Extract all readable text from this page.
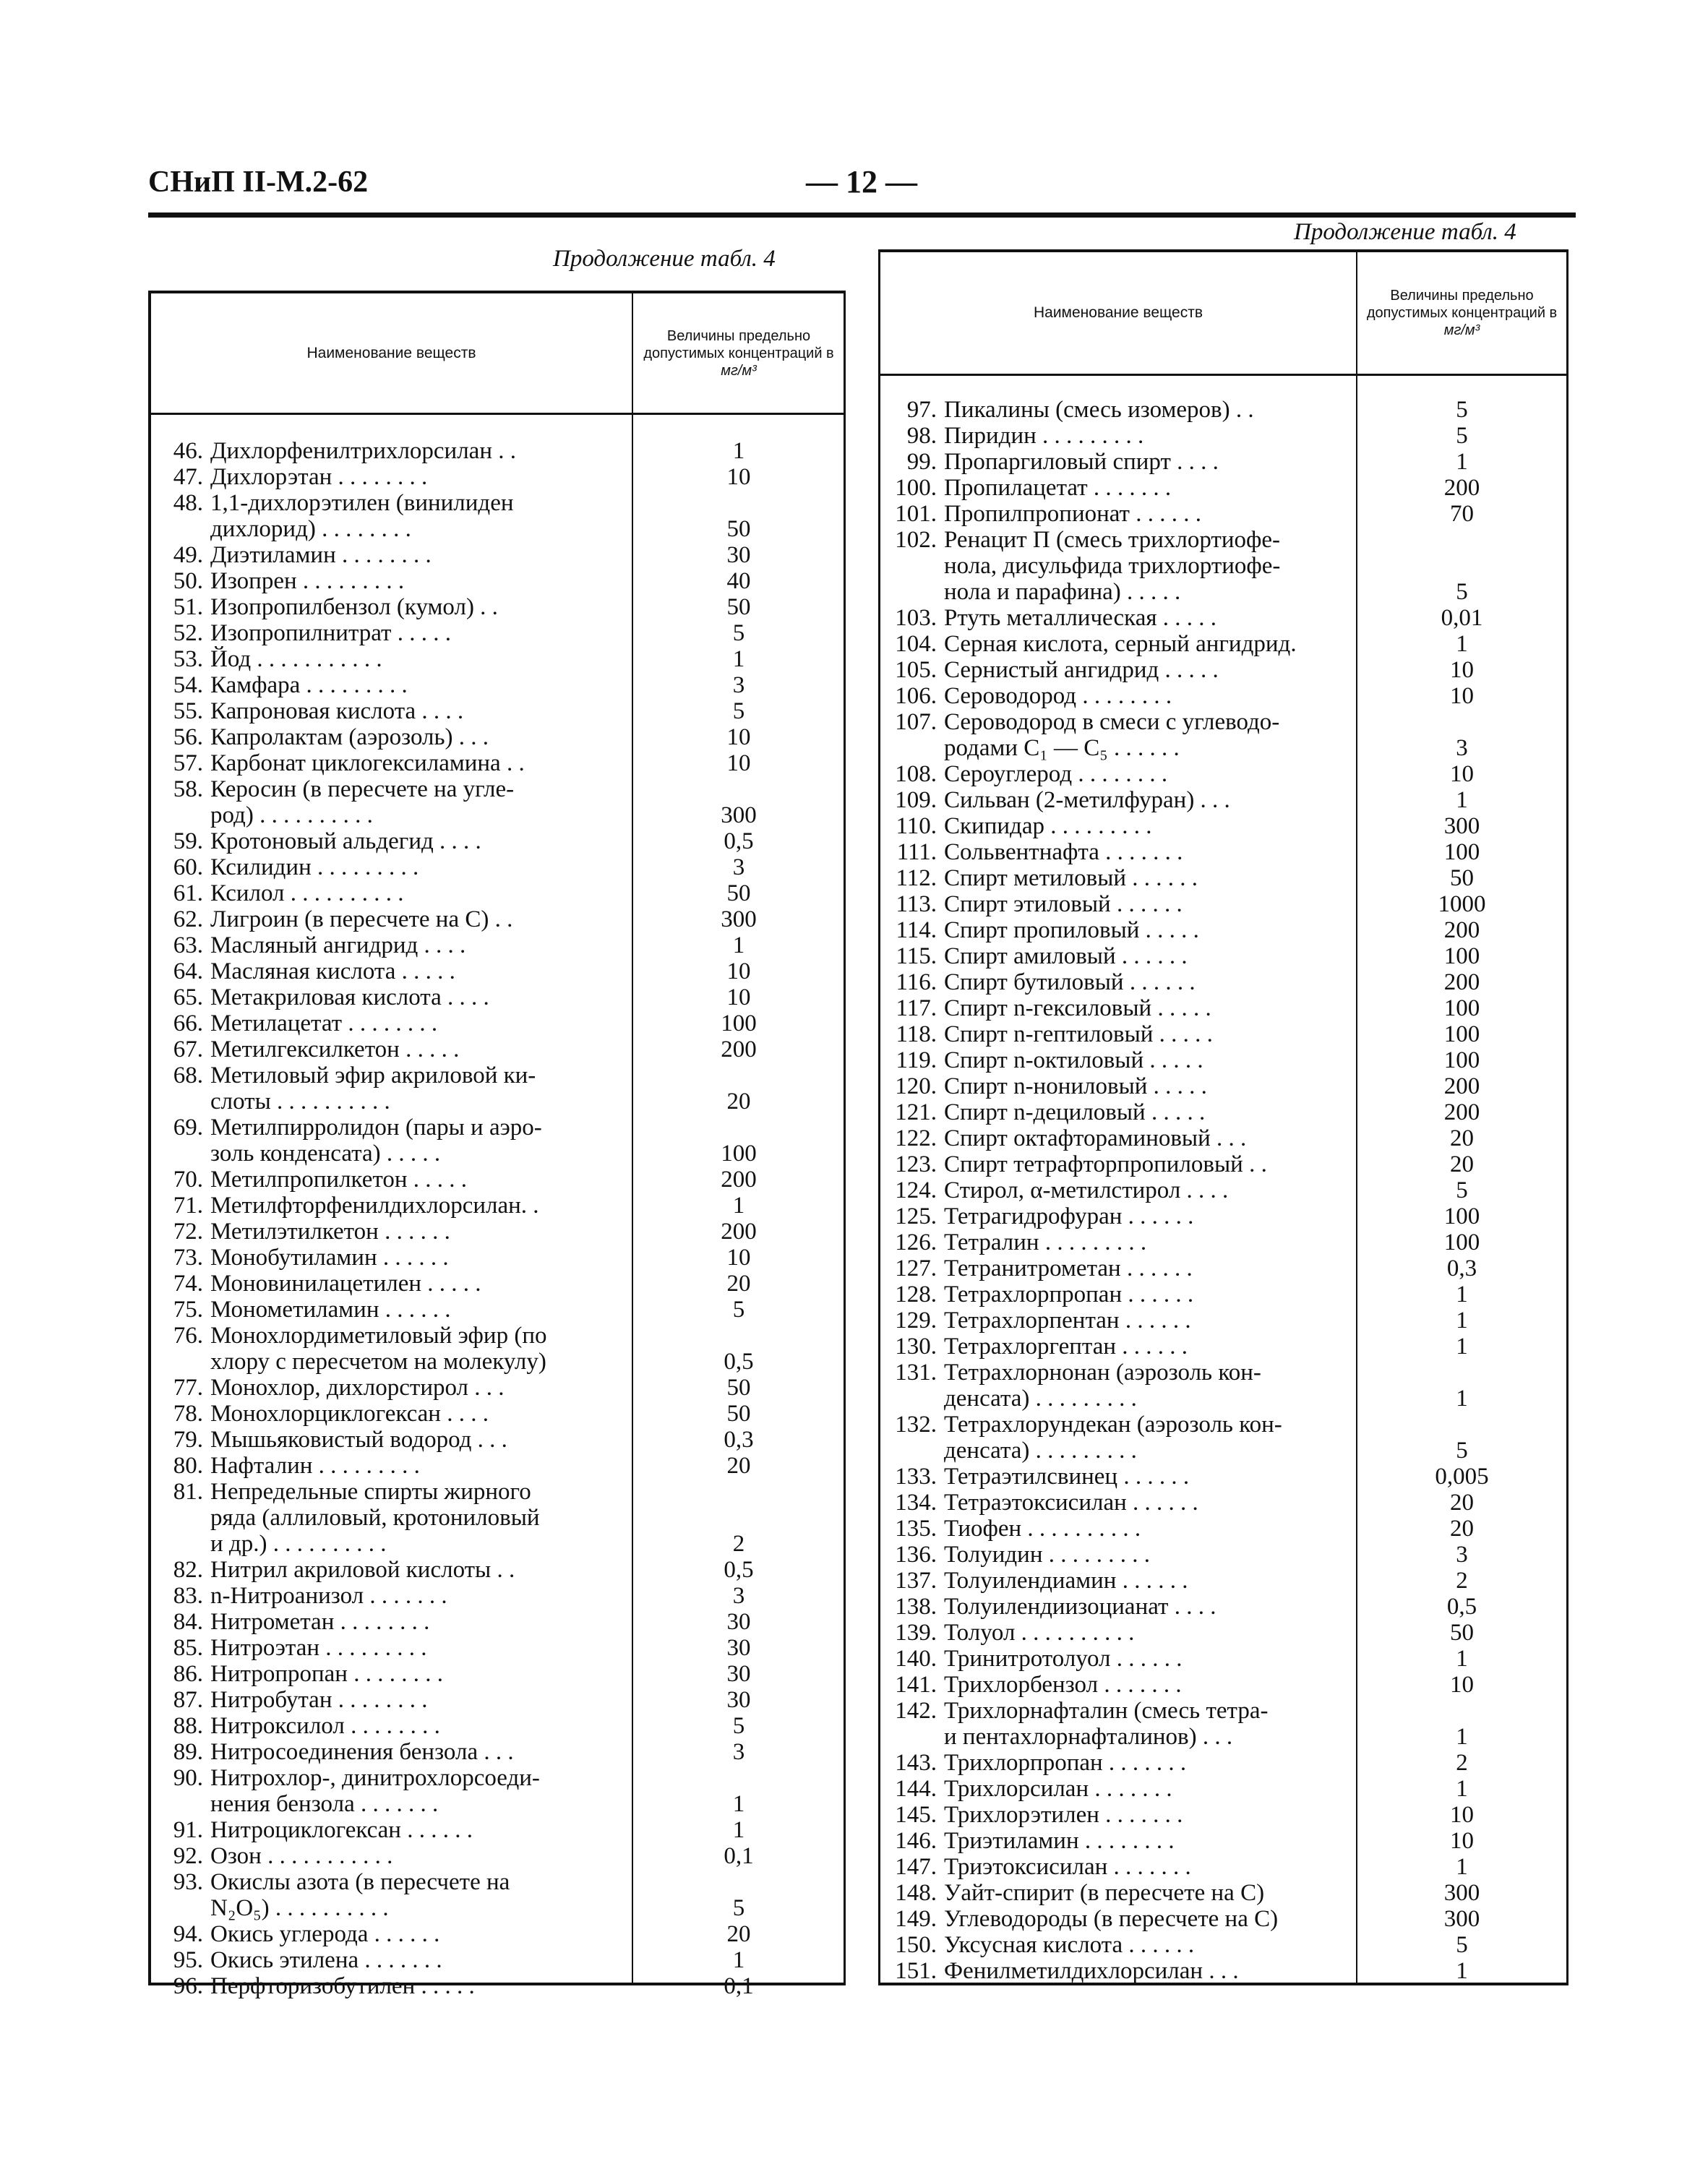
СНиП II-М.2-62	— 12 —
Продолжение табл. 4
Продолжение табл. 4
Наименование веществ
Величины предельно допустимых концентраций в
мг/м³
46. Дихлорфенилтрихлорсилан . .	1
47. Дихлорэтан . . . . . . . .	10
48. 1,1-дихлорэтилен (винилиден
дихлорид) . . . . . . . .	50
49. Диэтиламин . . . . . . . .	30
50. Изопрен . . . . . . . . .	40
51. Изопропилбензол (кумол) . .	50
52. Изопропилнитрат . . . . .	5
53. Йод . . . . . . . . . . .	1
54. Камфара . . . . . . . . .	3
55. Капроновая кислота . . . .	5
56. Капролактам (аэрозоль) . . .	10
57. Карбонат циклогексиламина . .	10
58. Керосин (в пересчете на угле-
род) . . . . . . . . . .	300
59. Кротоновый альдегид . . . .	0,5
60. Ксилидин . . . . . . . . .	3
61. Ксилол . . . . . . . . . .	50
62. Лигроин (в пересчете на С) . .	300
63. Масляный ангидрид . . . .	1
64. Масляная кислота . . . . .	10
65. Метакриловая кислота . . . .	10
66. Метилацетат . . . . . . . .	100
67. Метилгексилкетон . . . . .	200
68. Метиловый эфир акриловой ки-
слоты . . . . . . . . . .	20
69. Метилпирролидон (пары и аэро-
золь конденсата) . . . . .	100
70. Метилпропилкетон . . . . .	200
71. Метилфторфенилдихлорсилан. .	1
72. Метилэтилкетон . . . . . .	200
73. Монобутиламин . . . . . .	10
74. Моновинилацетилен . . . . .	20
75. Монометиламин . . . . . .	5
76. Монохлордиметиловый эфир (по
хлору с пересчетом на молекулу)	0,5
77. Монохлор, дихлорстирол . . .	50
78. Монохлорциклогексан . . . .	50
79. Мышьяковистый водород . . .	0,3
80. Нафталин . . . . . . . . .	20
81. Непредельные спирты жирного
ряда (аллиловый, кротониловый
и др.) . . . . . . . . . .	2
82. Нитрил акриловой кислоты . .	0,5
83. n-Нитроанизол . . . . . . .	3
84. Нитрометан . . . . . . . .	30
85. Нитроэтан . . . . . . . . .	30
86. Нитропропан . . . . . . . .	30
87. Нитробутан . . . . . . . .	30
88. Нитроксилол . . . . . . . .	5
89. Нитросоединения бензола . . .	3
90. Нитрохлор-, динитрохлорсоеди-
нения бензола . . . . . . .	1
91. Нитроциклогексан . . . . . .	1
92. Озон . . . . . . . . . . .	0,1
93. Окислы азота (в пересчете на
N₂O₅) . . . . . . . . . .	5
94. Окись углерода . . . . . .	20
95. Окись этилена . . . . . . .	1
96. Перфторизобутилен . . . . .	0,1
Наименование веществ
Величины предельно допустимых концентраций в
мг/м³
97. Пикалины (смесь изомеров) . .	5
98. Пиридин . . . . . . . . .	5
99. Пропаргиловый спирт . . . .	1
100. Пропилацетат . . . . . . .	200
101. Пропилпропионат . . . . . .	70
102. Ренацит П (смесь трихлортиофе-
нола, дисульфида трихлортиофе-
нола и парафина) . . . . .	5
103. Ртуть металлическая . . . . .	0,01
104. Серная кислота, серный ангидрид.	1
105. Сернистый ангидрид . . . . .	10
106. Сероводород . . . . . . . .	10
107. Сероводород в смеси с углеводо-
родами C₁ — C₅ . . . . . .	3
108. Сероуглерод . . . . . . . .	10
109. Сильван (2-метилфуран) . . .	1
110. Скипидар . . . . . . . . .	300
111. Сольвентнафта . . . . . . .	100
112. Спирт метиловый . . . . . .	50
113. Спирт этиловый . . . . . .	1000
114. Спирт пропиловый . . . . .	200
115. Спирт амиловый . . . . . .	100
116. Спирт бутиловый . . . . . .	200
117. Спирт n-гексиловый . . . . .	100
118. Спирт n-гептиловый . . . . .	100
119. Спирт n-октиловый . . . . .	100
120. Спирт n-нониловый . . . . .	200
121. Спирт n-дециловый . . . . .	200
122. Спирт октафтораминовый . . .	20
123. Спирт тетрафторпропиловый . .	20
124. Стирол, α-метилстирол . . . .	5
125. Тетрагидрофуран . . . . . .	100
126. Тетралин . . . . . . . . .	100
127. Тетранитрометан . . . . . .	0,3
128. Тетрахлорпропан . . . . . .	1
129. Тетрахлорпентан . . . . . .	1
130. Тетрахлоргептан . . . . . .	1
131. Тетрахлорнонан (аэрозоль кон-
денсата) . . . . . . . . .	1
132. Тетрахлорундекан (аэрозоль кон-
денсата) . . . . . . . . .	5
133. Тетраэтилсвинец . . . . . .	0,005
134. Тетраэтоксисилан . . . . . .	20
135. Тиофен . . . . . . . . . .	20
136. Толуидин . . . . . . . . .	3
137. Толуилендиамин . . . . . .	2
138. Толуилендиизоцианат . . . .	0,5
139. Толуол . . . . . . . . . .	50
140. Тринитротолуол . . . . . .	1
141. Трихлорбензол . . . . . . .	10
142. Трихлорнафталин (смесь тетра-
и пентахлорнафталинов) . . .	1
143. Трихлорпропан . . . . . . .	2
144. Трихлорсилан . . . . . . .	1
145. Трихлорэтилен . . . . . . .	10
146. Триэтиламин . . . . . . . .	10
147. Триэтоксисилан . . . . . . .	1
148. Уайт-спирит (в пересчете на С)	300
149. Углеводороды (в пересчете на С)	300
150. Уксусная кислота . . . . . .	5
151. Фенилметилдихлорсилан . . .	1
